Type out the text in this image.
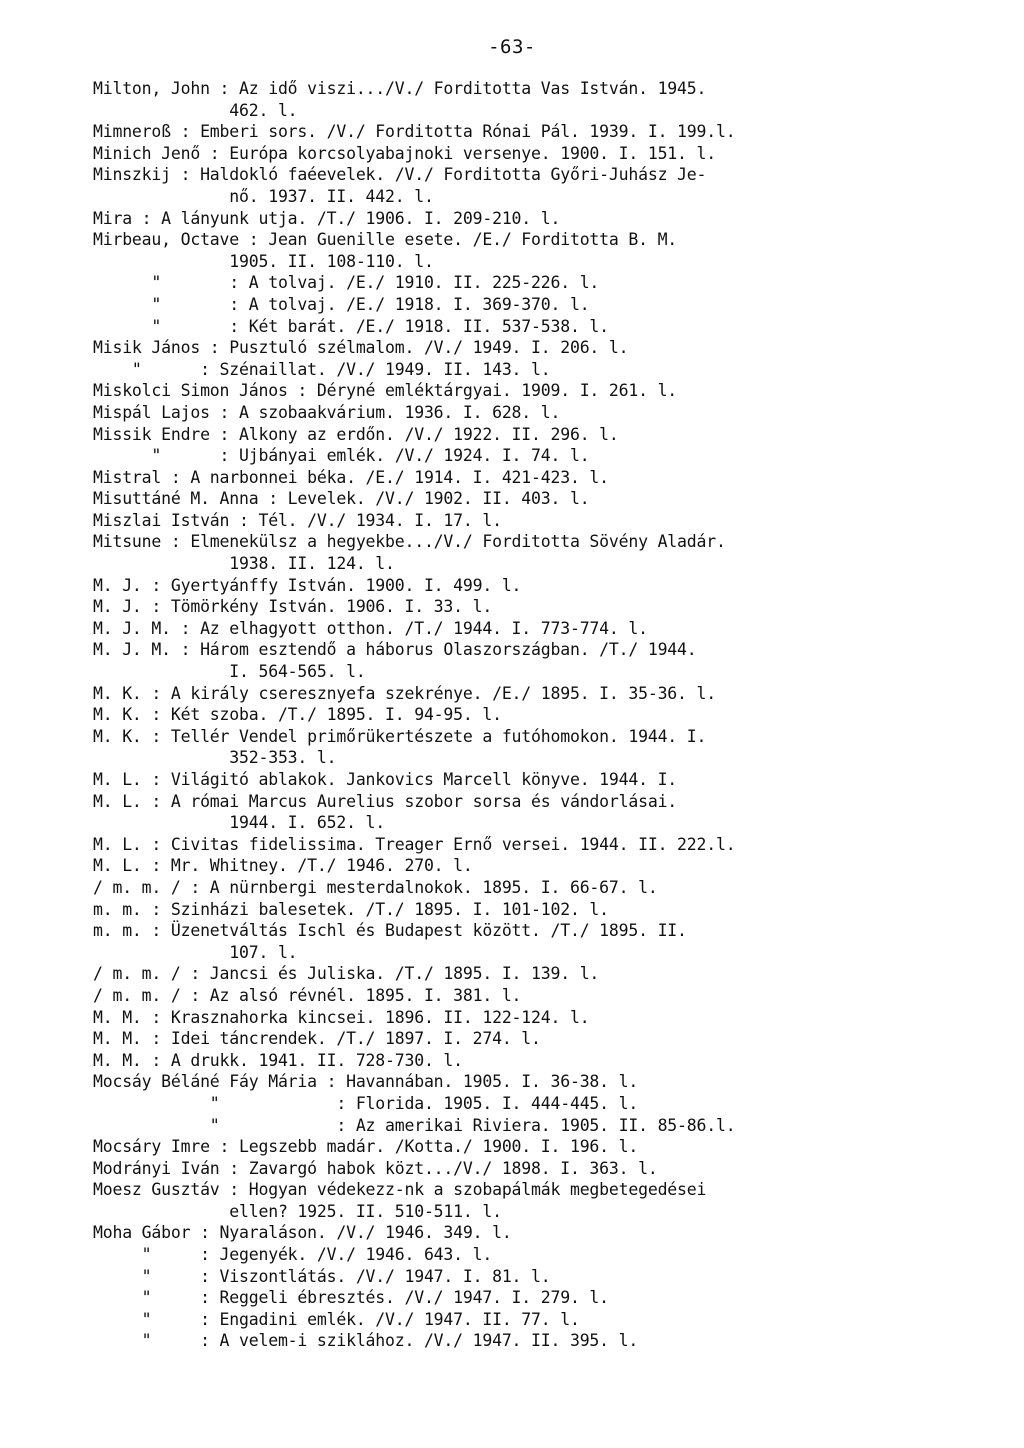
-63-
Milton, John : Az idő viszi.../V./ Forditotta Vas István. 1945.
462. l.
Mimneroß : Emberi sors. /V./ Forditotta Rónai Pál. 1939. I. 199.l.
Minich Jenő : Európa korcsolyabajnoki versenye. 1900. I. 151. l.
Minszkij : Haldokló faéevelek. /V./ Forditotta Győri-Juhász Je-
nő. 1937. II. 442. l.
Mira : A lányunk utja. /T./ 1906. I. 209-210. l.
Mirbeau, Octave : Jean Guenille esete. /E./ Forditotta B. M.
1905. II. 108-110. l.
"       : A tolvaj. /E./ 1910. II. 225-226. l.
"       : A tolvaj. /E./ 1918. I. 369-370. l.
"       : Két barát. /E./ 1918. II. 537-538. l.
Misik János : Pusztuló szélmalom. /V./ 1949. I. 206. l.
"      : Szénaillat. /V./ 1949. II. 143. l.
Miskolci Simon János : Déryné emléktárgyai. 1909. I. 261. l.
Mispál Lajos : A szobaakvárium. 1936. I. 628. l.
Missik Endre : Alkony az erdőn. /V./ 1922. II. 296. l.
"      : Ujbányai emlék. /V./ 1924. I. 74. l.
Mistral : A narbonnei béka. /E./ 1914. I. 421-423. l.
Misuttáné M. Anna : Levelek. /V./ 1902. II. 403. l.
Miszlai István : Tél. /V./ 1934. I. 17. l.
Mitsune : Elmenekülsz a hegyekbe.../V./ Forditotta Sövény Aladár.
1938. II. 124. l.
M. J. : Gyertyánffy István. 1900. I. 499. l.
M. J. : Tömörkény István. 1906. I. 33. l.
M. J. M. : Az elhagyott otthon. /T./ 1944. I. 773-774. l.
M. J. M. : Három esztendő a háborus Olaszországban. /T./ 1944.
I. 564-565. l.
M. K. : A király cseresznyefa szekrénye. /E./ 1895. I. 35-36. l.
M. K. : Két szoba. /T./ 1895. I. 94-95. l.
M. K. : Tellér Vendel primőrükertészete a futóhomokon. 1944. I.
352-353. l.
M. L. : Világitó ablakok. Jankovics Marcell könyve. 1944. I.
M. L. : A római Marcus Aurelius szobor sorsa és vándorlásai.
1944. I. 652. l.
M. L. : Civitas fidelissima. Treager Ernő versei. 1944. II. 222.l.
M. L. : Mr. Whitney. /T./ 1946. 270. l.
/ m. m. / : A nürnbergi mesterdalnokok. 1895. I. 66-67. l.
m. m. : Szinházi balesetek. /T./ 1895. I. 101-102. l.
m. m. : Üzenetváltás Ischl és Budapest között. /T./ 1895. II.
107. l.
/ m. m. / : Jancsi és Juliska. /T./ 1895. I. 139. l.
/ m. m. / : Az alsó révnél. 1895. I. 381. l.
M. M. : Krasznahorka kincsei. 1896. II. 122-124. l.
M. M. : Idei táncrendek. /T./ 1897. I. 274. l.
M. M. : A drukk. 1941. II. 728-730. l.
Mocsáy Béláné Fáy Mária : Havannában. 1905. I. 36-38. l.
"            : Florida. 1905. I. 444-445. l.
"            : Az amerikai Riviera. 1905. II. 85-86.l.
Mocsáry Imre : Legszebb madár. /Kotta./ 1900. I. 196. l.
Modrányi Iván : Zavargó habok közt.../V./ 1898. I. 363. l.
Moesz Gusztáv : Hogyan védekezz-nk a szobapálmák megbetegedései
ellen? 1925. II. 510-511. l.
Moha Gábor : Nyaraláson. /V./ 1946. 349. l.
"     : Jegenyék. /V./ 1946. 643. l.
"     : Viszontlátás. /V./ 1947. I. 81. l.
"     : Reggeli ébresztés. /V./ 1947. I. 279. l.
"     : Engadini emlék. /V./ 1947. II. 77. l.
"     : A velem-i sziklához. /V./ 1947. II. 395. l.
